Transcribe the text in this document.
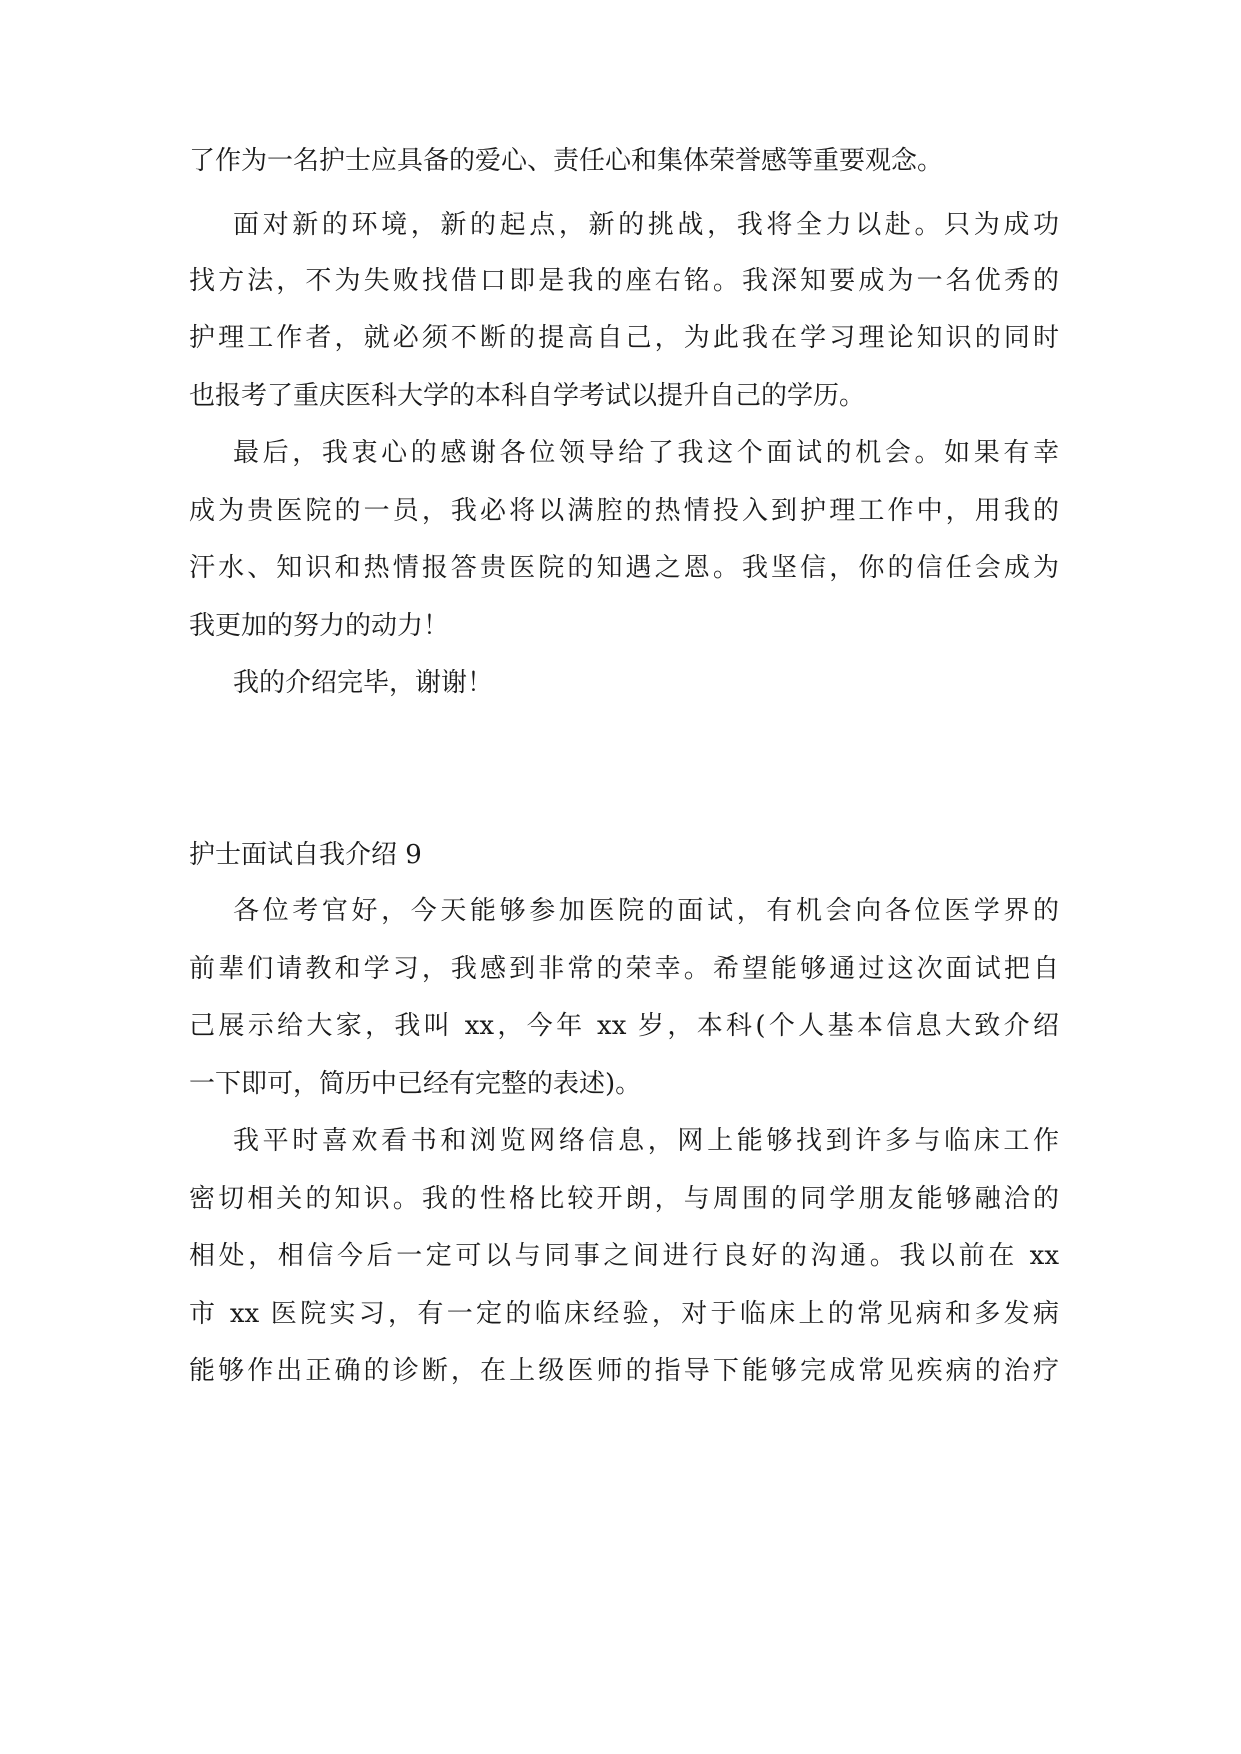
了作为一名护士应具备的爱心、责任心和集体荣誉感等重要观念。

面对新的环境，新的起点，新的挑战，我将全力以赴。只为成功

找方法，不为失败找借口即是我的座右铭。我深知要成为一名优秀的

护理工作者，就必须不断的提高自己，为此我在学习理论知识的同时

也报考了重庆医科大学的本科自学考试以提升自己的学历。

最后，我衷心的感谢各位领导给了我这个面试的机会。如果有幸

成为贵医院的一员，我必将以满腔的热情投入到护理工作中，用我的

汗水、知识和热情报答贵医院的知遇之恩。我坚信，你的信任会成为

我更加的努力的动力！

我的介绍完毕，谢谢！

护士面试自我介绍 9

各位考官好，今天能够参加医院的面试，有机会向各位医学界的

前辈们请教和学习，我感到非常的荣幸。希望能够通过这次面试把自

己展示给大家，我叫 xx，今年 xx 岁，本科(个人基本信息大致介绍

一下即可，简历中已经有完整的表述)。

我平时喜欢看书和浏览网络信息，网上能够找到许多与临床工作

密切相关的知识。我的性格比较开朗，与周围的同学朋友能够融洽的

相处，相信今后一定可以与同事之间进行良好的沟通。我以前在 xx

市 xx 医院实习，有一定的临床经验，对于临床上的常见病和多发病

能够作出正确的诊断，在上级医师的指导下能够完成常见疾病的治疗
